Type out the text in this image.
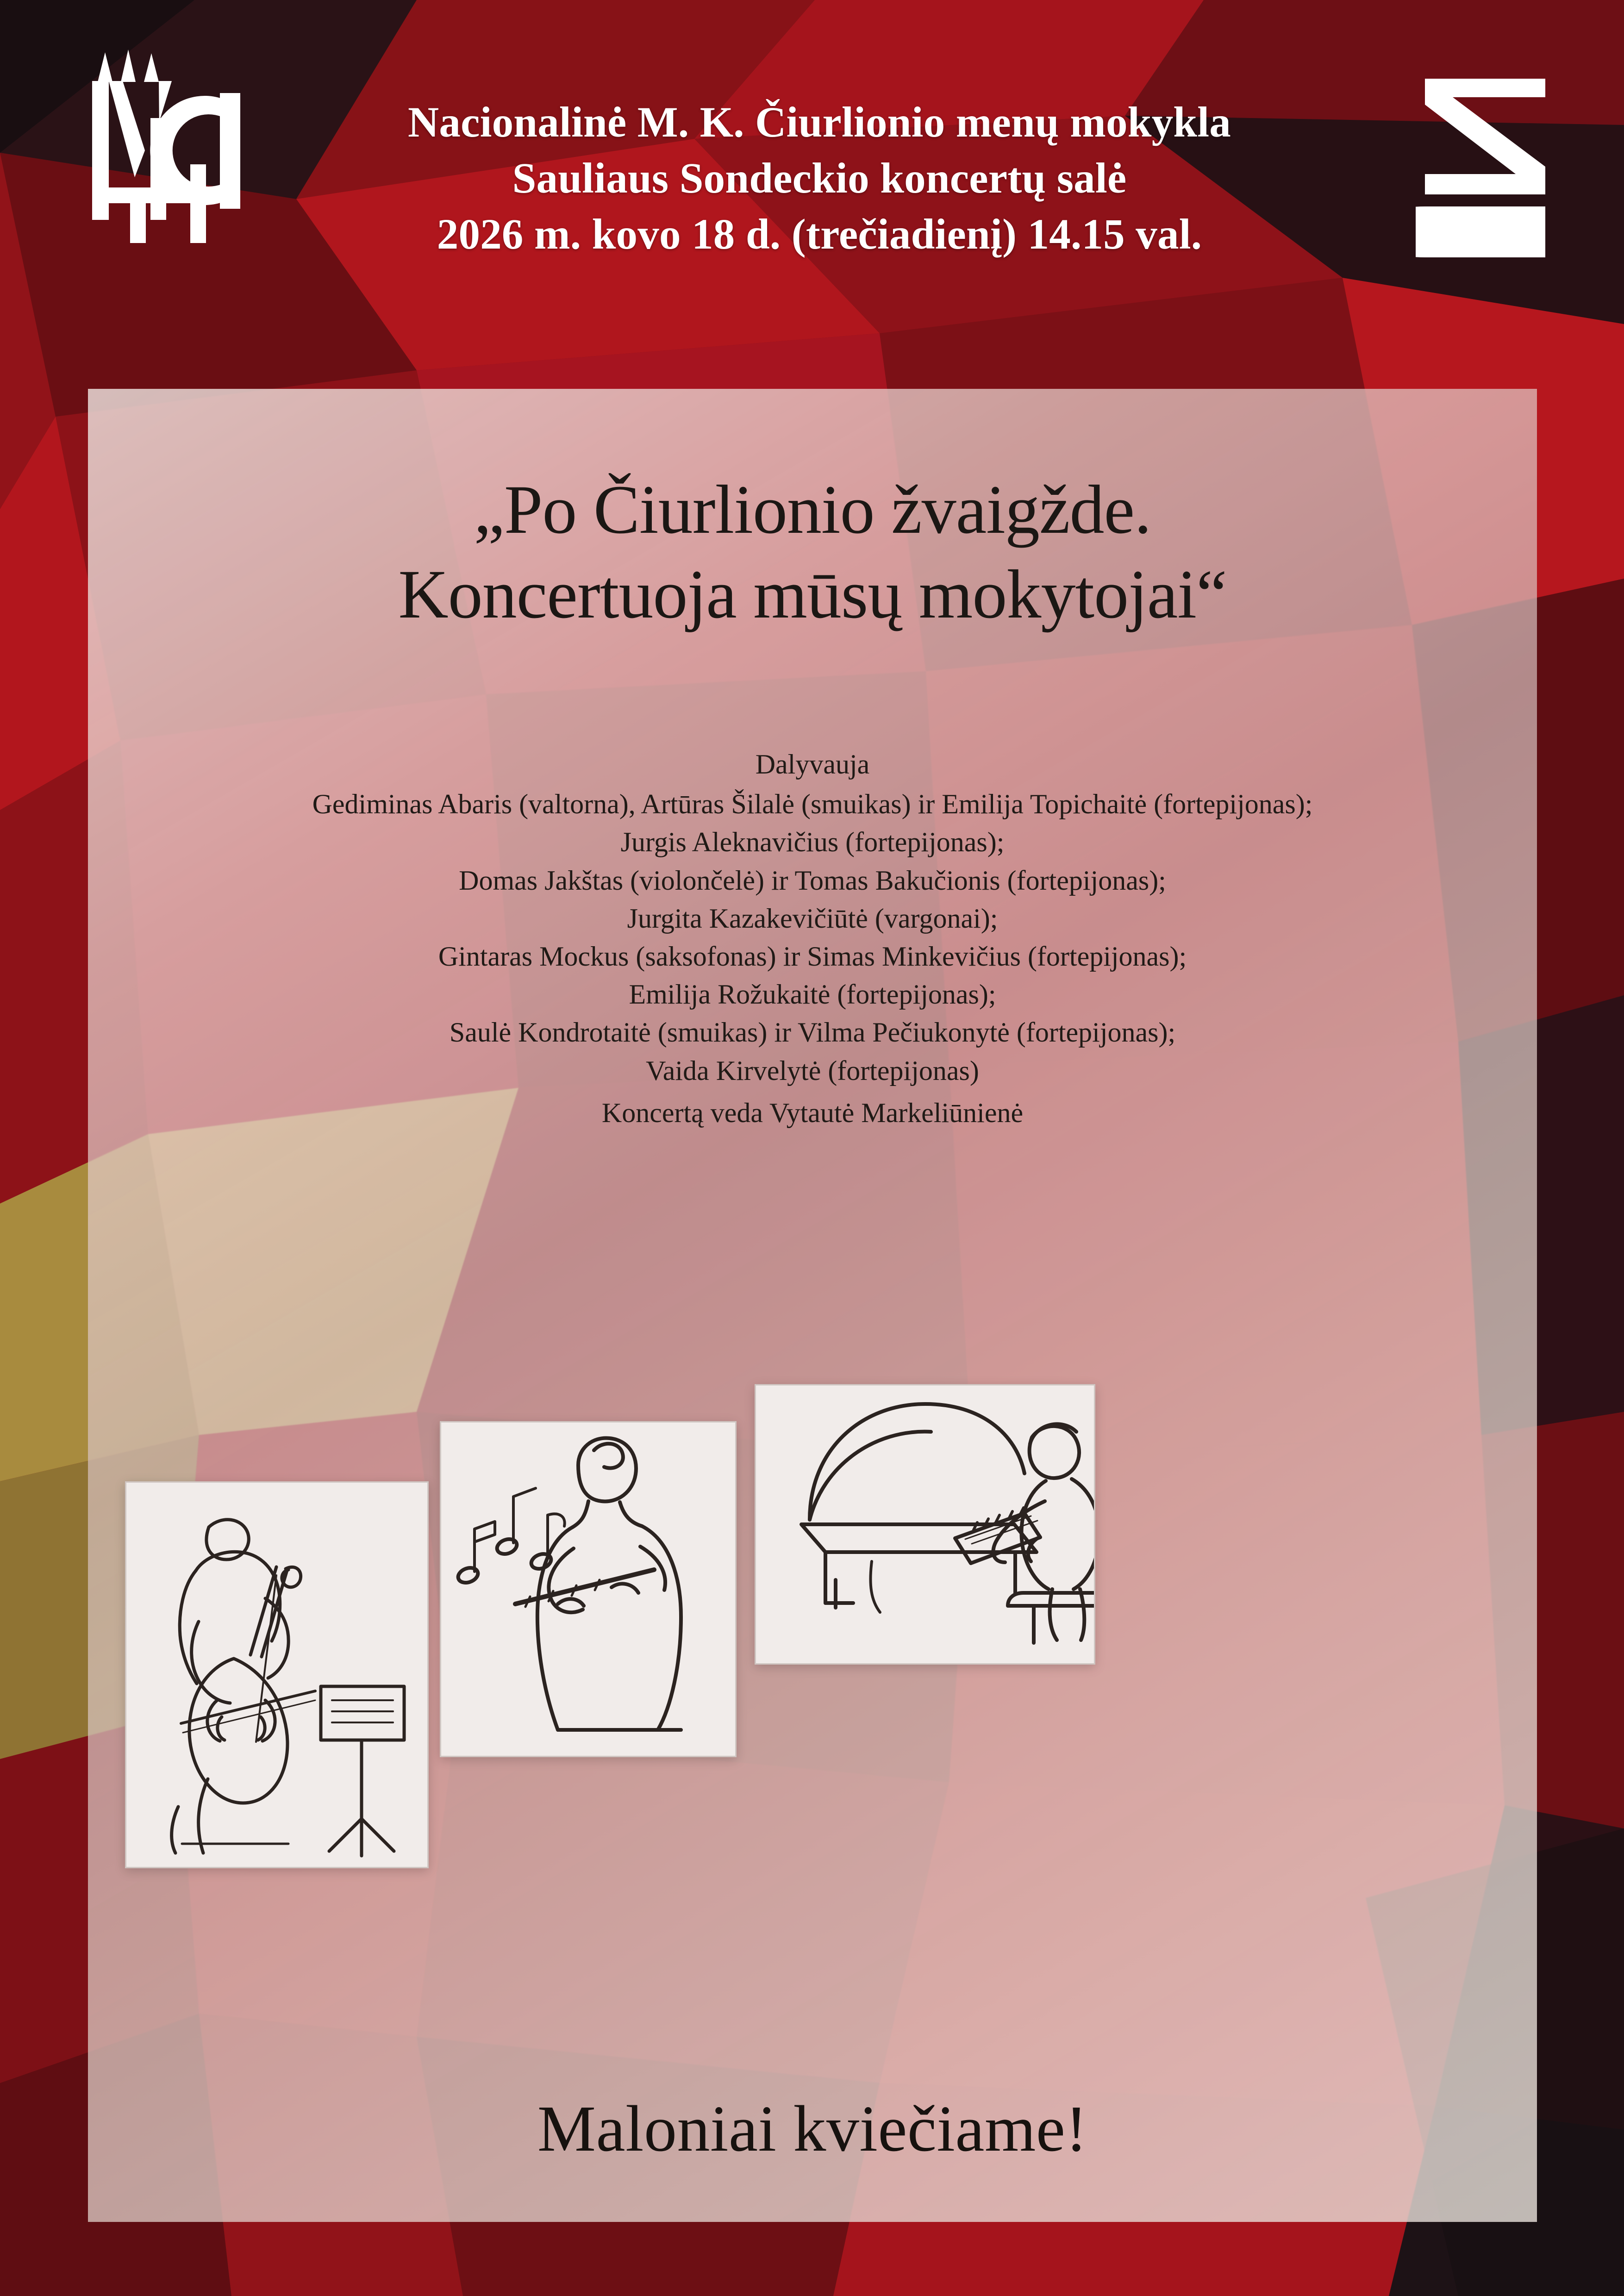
Nacionalinė M. K. Čiurlionio menų mokykla
Sauliaus Sondeckio koncertų salė
2026 m. kovo 18 d. (trečiadienį) 14.15 val.
„Po Čiurlionio žvaigžde.
Koncertuoja mūsų mokytojai“

Dalyvauja

Gediminas Abaris (valtorna), Artūras Šilalė (smuikas) ir Emilija Topichaitė (fortepijonas);

Jurgis Aleknavičius (fortepijonas);

Domas Jakštas (violončelė) ir Tomas Bakučionis (fortepijonas);

Jurgita Kazakevičiūtė (vargonai);

Gintaras Mockus (saksofonas) ir Simas Minkevičius (fortepijonas);

Emilija Rožukaitė (fortepijonas);

Saulė Kondrotaitė (smuikas) ir Vilma Pečiukonytė (fortepijonas);

Vaida Kirvelytė (fortepijonas)

Koncertą veda Vytautė Markeliūnienė
Maloniai kviečiame!
